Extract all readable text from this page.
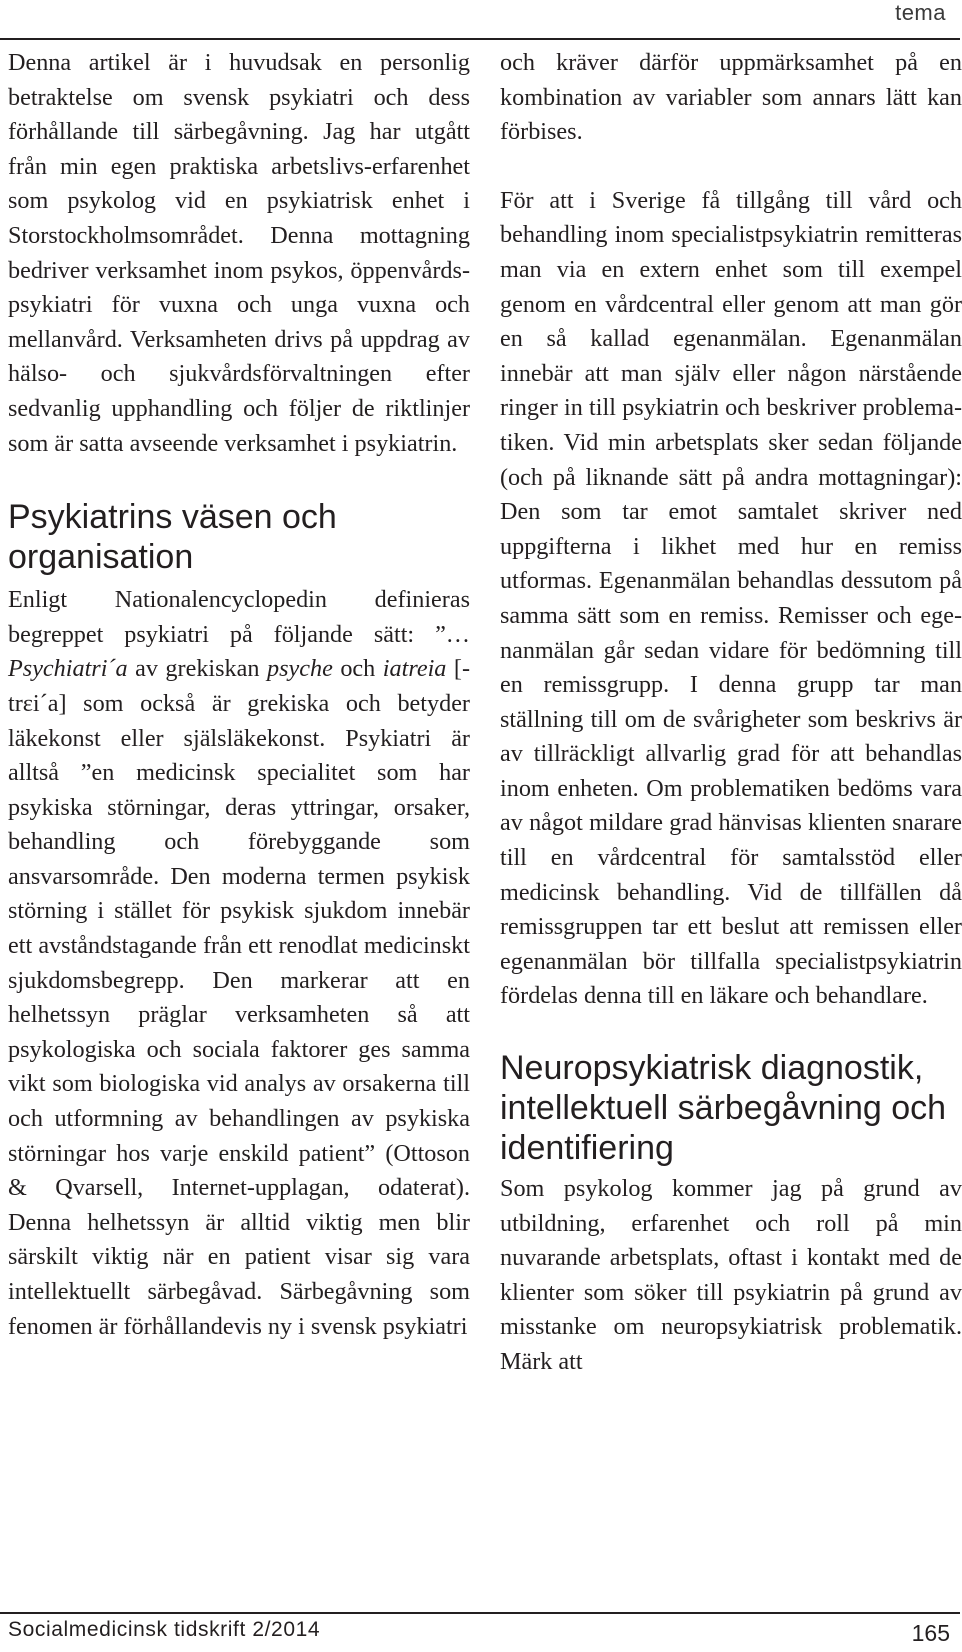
tema

Denna artikel är i huvudsak en personlig betraktelse om svensk psykiatri och dess förhållande till särbegåvning. Jag har utgått från min egen praktiska arbetslivs-erfarenhet som psykolog vid en psykiatrisk enhet i Storstockholmsområdet. Denna mottagning bedriver verksamhet inom psykos, öppenvårdspsykiatri för vuxna och unga vuxna och mellanvård. Verksamheten drivs på uppdrag av hälso- och sjukvårdsförvaltningen efter sedvanlig upphandling och följer de riktlinjer som är satta avseende verksamhet i psykiatrin.

Psykiatrins väsen och organisation

Enligt Nationalencyclopedin definieras begreppet psykiatri på följande sätt: ”… Psychiatri´a av grekiskan psyche och iatreia [-trɛi´a] som också är grekiska och betyder läkekonst eller själsläkekonst. Psykiatri är alltså ”en medicinsk specialitet som har psykiska störningar, deras yttringar, orsaker, behandling och förebyggande som ansvarsområde. Den moderna termen psykisk störning i stället för psykisk sjukdom innebär ett avståndstagande från ett renodlat medicinskt sjukdomsbegrepp. Den markerar att en helhetssyn präglar verksamheten så att psykologiska och sociala faktorer ges samma vikt som biologiska vid analys av orsakerna till och utformning av behandlingen av psykiska störningar hos varje enskild patient” (Ottoson & Qvarsell, Internet-upplagan, odaterat). Denna helhetssyn är alltid viktig men blir särskilt viktig när en patient visar sig vara intellektuellt särbegåvad. Särbegåvning som fenomen är förhållandevis ny i svensk psykiatri

och kräver därför uppmärksamhet på en kombination av variabler som annars lätt kan förbises.

För att i Sverige få tillgång till vård och behandling inom specialistpsykiatrin remitteras man via en extern enhet som till exempel genom en vårdcentral eller genom att man gör en så kallad egenanmälan. Egenanmälan innebär att man själv eller någon närstående ringer in till psykiatrin och beskriver problematiken. Vid min arbetsplats sker sedan följande (och på liknande sätt på andra mottagningar): Den som tar emot samtalet skriver ned uppgifterna i likhet med hur en remiss utformas. Egenanmälan behandlas dessutom på samma sätt som en remiss. Remisser och egenanmälan går sedan vidare för bedömning till en remissgrupp. I denna grupp tar man ställning till om de svårigheter som beskrivs är av tillräckligt allvarlig grad för att behandlas inom enheten. Om problematiken bedöms vara av något mildare grad hänvisas klienten snarare till en vårdcentral för samtalsstöd eller medicinsk behandling. Vid de tillfällen då remissgruppen tar ett beslut att remissen eller egenanmälan bör tillfalla specialistpsykiatrin fördelas denna till en läkare och behandlare.

Neuropsykiatrisk diagnostik, intellektuell särbegåvning och identifiering

Som psykolog kommer jag på grund av utbildning, erfarenhet och roll på min nuvarande arbetsplats, oftast i kontakt med de klienter som söker till psykiatrin på grund av misstanke om neuropsykiatrisk problematik. Märk att

Socialmedicinsk tidskrift 2/2014	165
